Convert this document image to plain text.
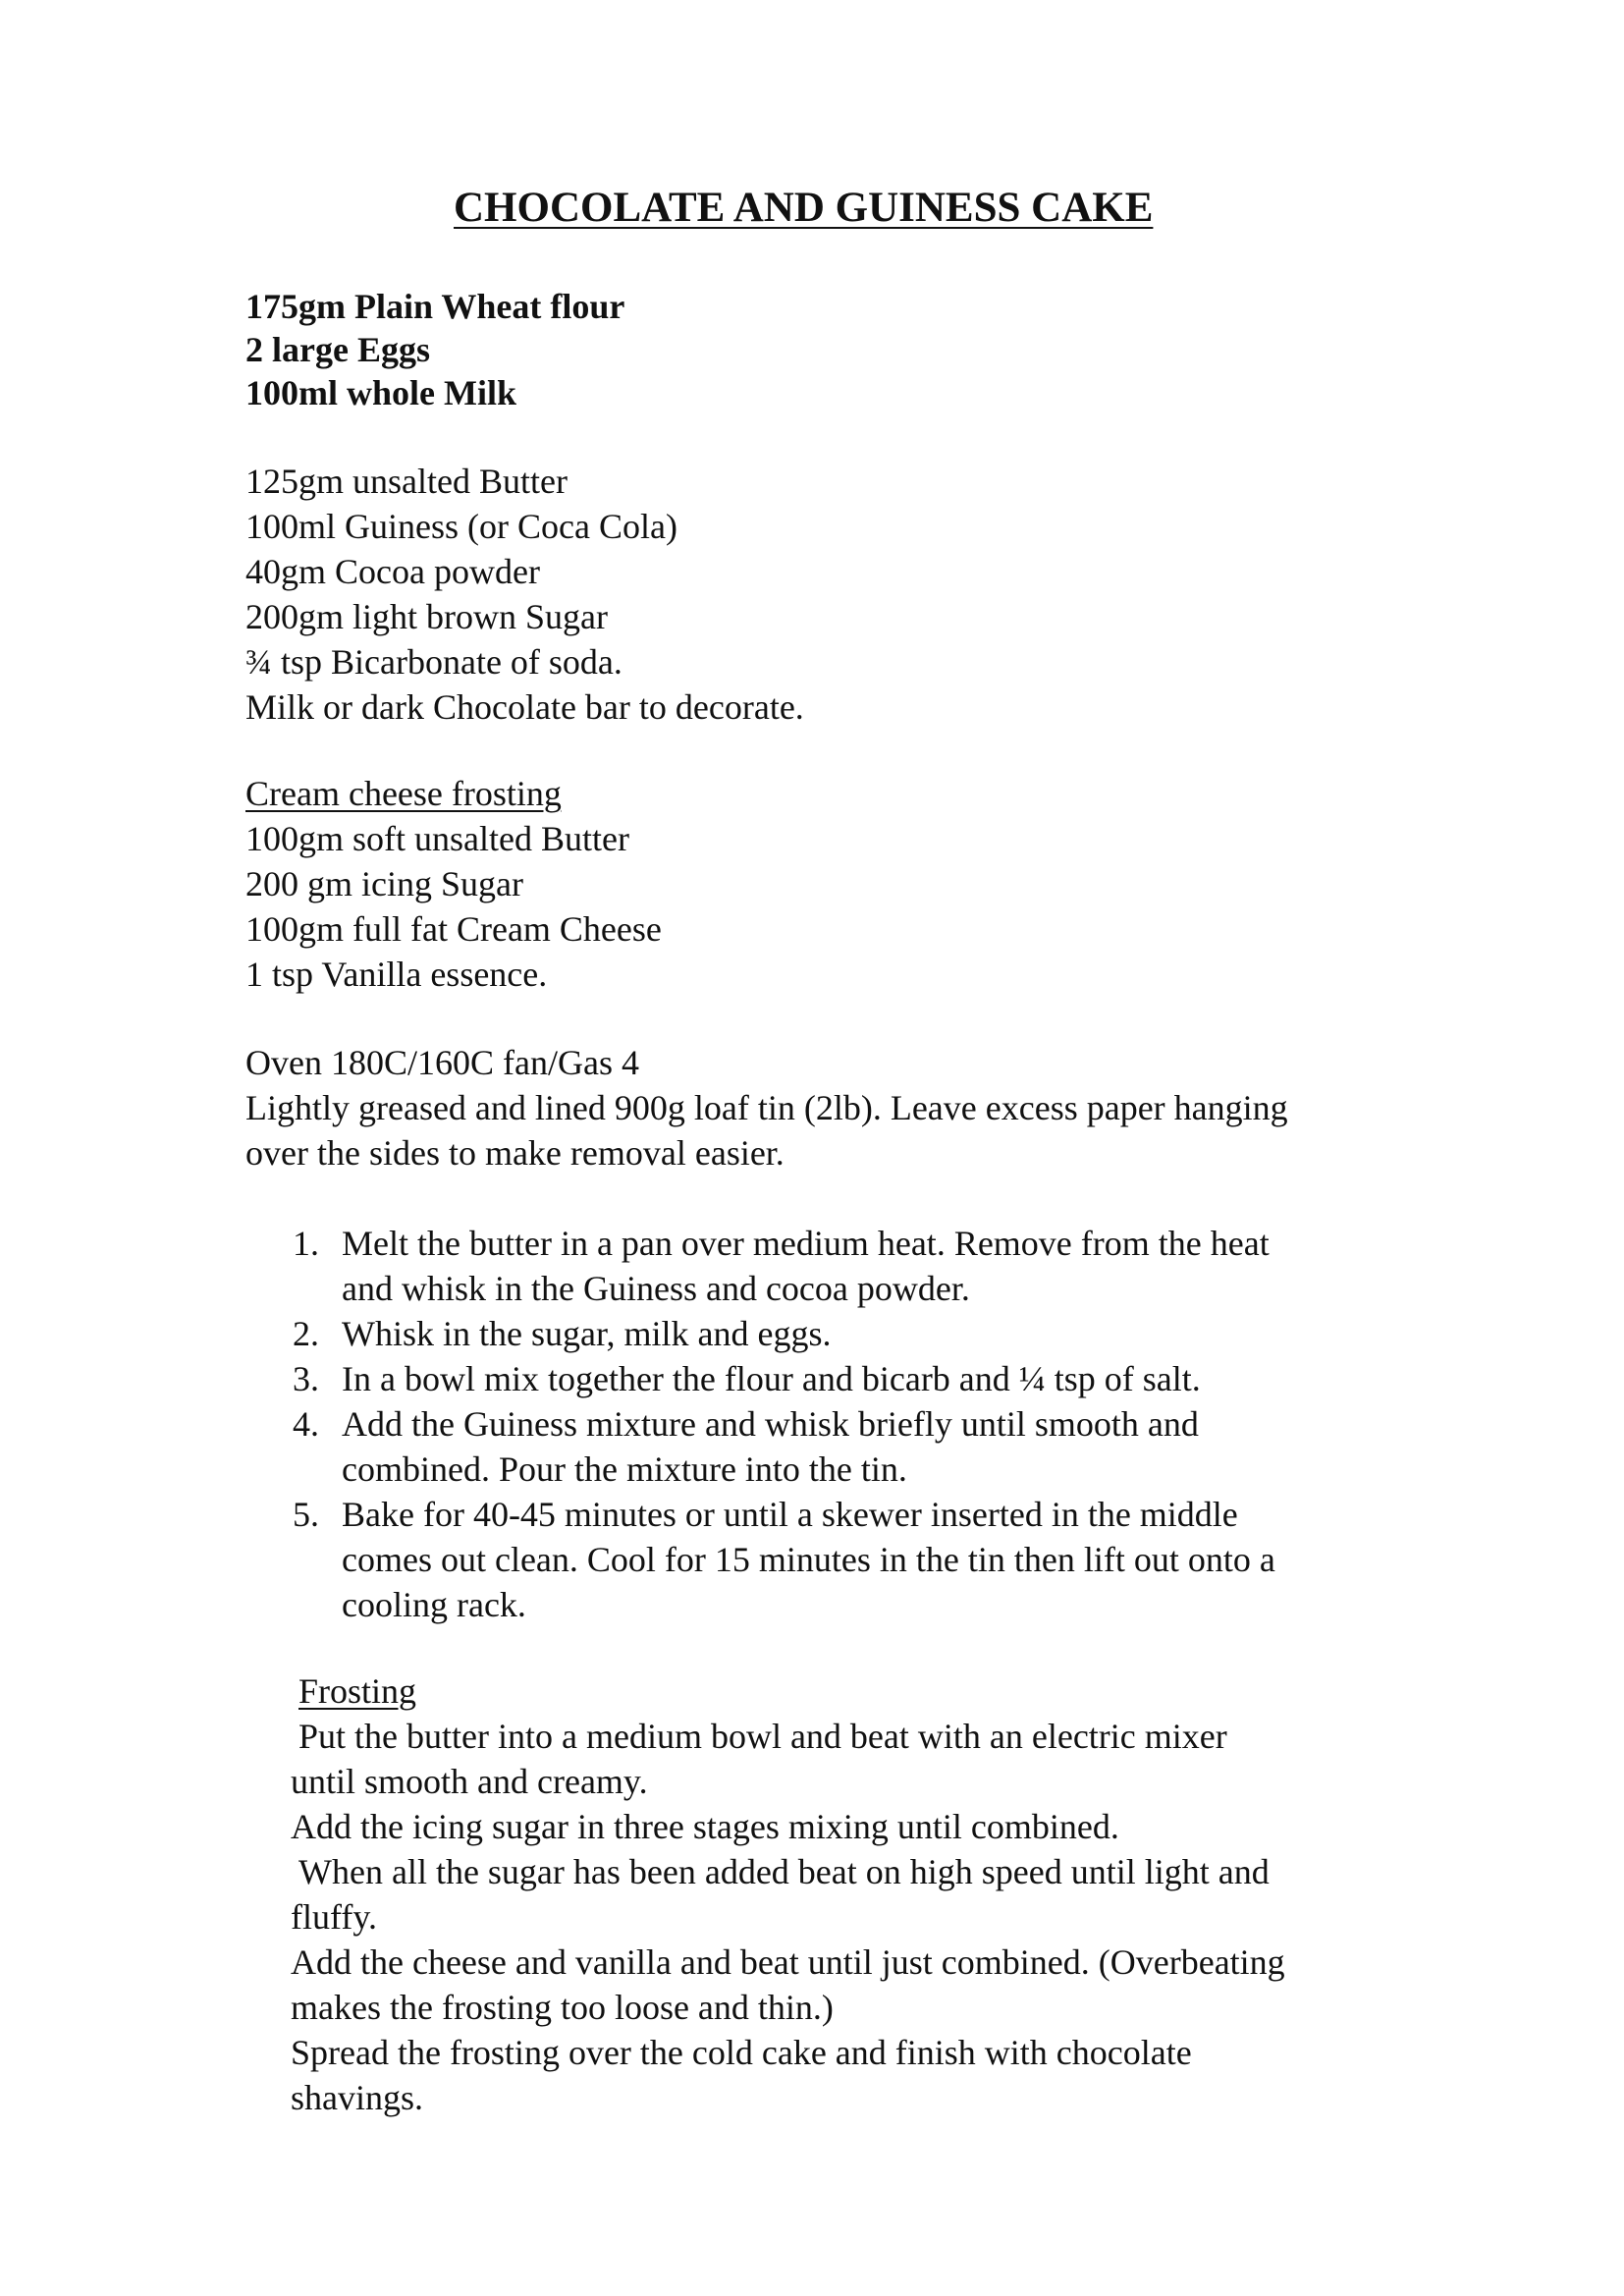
CHOCOLATE AND GUINESS CAKE
175gm Plain Wheat flour
2 large Eggs
100ml whole Milk
125gm unsalted Butter
100ml Guiness (or Coca Cola)
40gm Cocoa powder
200gm light brown Sugar
¾ tsp Bicarbonate of soda.
Milk or dark Chocolate bar to decorate.
Cream cheese frosting
100gm soft unsalted Butter
200 gm icing Sugar
100gm full fat Cream Cheese
1 tsp Vanilla essence.
Oven 180C/160C fan/Gas 4
Lightly greased and lined 900g loaf tin (2lb). Leave excess paper hanging
over the sides to make removal easier.
1. Melt the butter in a pan over medium heat. Remove from the heat
and whisk in the Guiness and cocoa powder.
2. Whisk in the sugar, milk and eggs.
3. In a bowl mix together the flour and bicarb and ¼ tsp of salt.
4. Add the Guiness mixture and whisk briefly until smooth and
combined. Pour the mixture into the tin.
5. Bake for 40-45 minutes or until a skewer inserted in the middle
comes out clean. Cool for 15 minutes in the tin then lift out onto a
cooling rack.
Frosting
Put the butter into a medium bowl and beat with an electric mixer
until smooth and creamy.
Add the icing sugar in three stages mixing until combined.
When all the sugar has been added beat on high speed until light and
fluffy.
Add the cheese and vanilla and beat until just combined. (Overbeating
makes the frosting too loose and thin.)
Spread the frosting over the cold cake and finish with chocolate
shavings.
